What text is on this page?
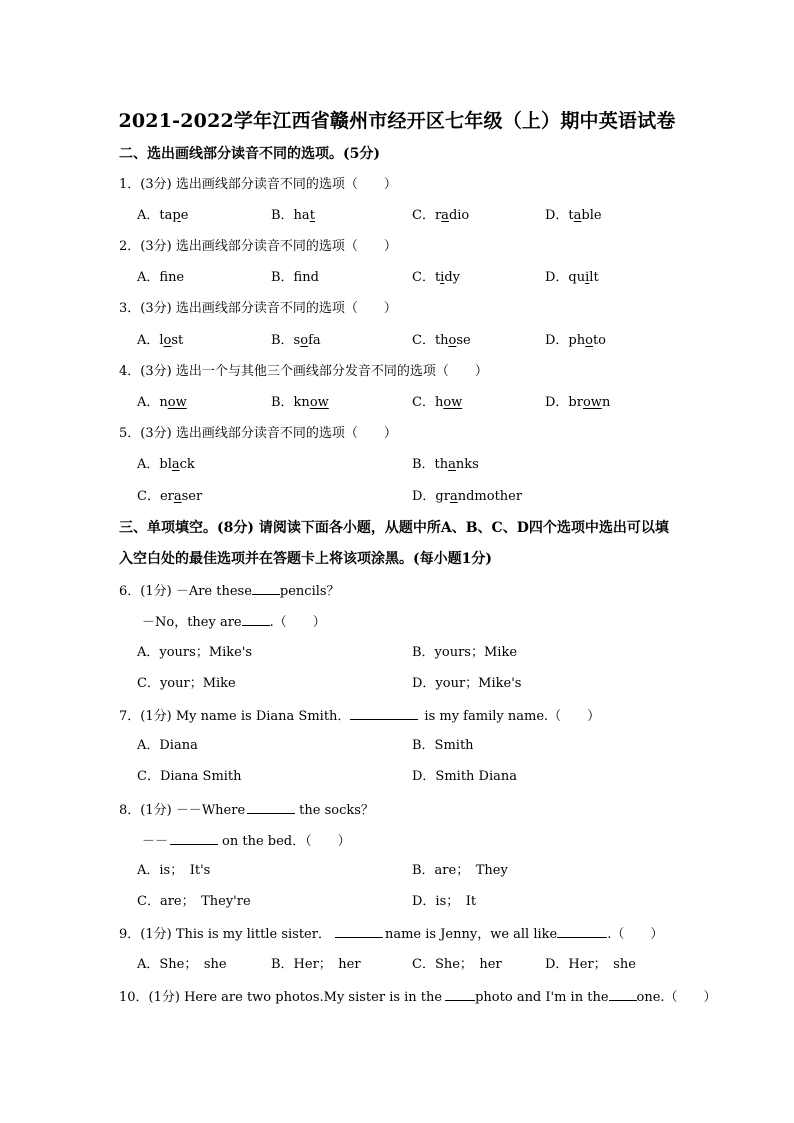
2021-2022学年江西省赣州市经开区七年级（上）期中英语试卷
二、选出画线部分读音不同的选项。(5分)
1．(3分) 选出画线部分读音不同的选项（　　）
A．tape	B．hat	C．radio	D．table
2．(3分) 选出画线部分读音不同的选项（　　）
A．fne	B．fnd	C．tidy	D．quilt
3．(3分) 选出画线部分读音不同的选项（　　）
A．lost	B．sofa	C．those	D．photo
4．(3分) 选出一个与其他三个画线部分发音不同的选项（　　）
A．now	B．know	C．how	D．brown
5．(3分) 选出画线部分读音不同的选项（　　）
A．black	B．thanks
C．eraser	D．grandmother
三、单项填空。(8分) 请阅读下面各小题，从题中所A、B、C、D四个选项中选出可以填
入空白处的最佳选项并在答题卡上将该项涂黑。(每小题1分)
6．(1分) －Are these pencils？
－No，they are .（　　）
A．yours；Mike's	B．yours；Mike
C．your；Mike	D．your；Mike's
7．(1分) My name is Diana Smith．	is my family name.（　　）
A．Diana	B．Smith
C．Diana Smith	D．Smith Diana
8．(1分) －－Where	the socks？
－－	on the bed．（　　）
A．is；　It's	B．are；　They
C．are；　They're	D．is；　It
9．(1分) This is my little sister．	name is Jenny，we all like	.（　　）
A．She；　she	B．Her；　her	C．She；　her	D．Her；　she
10．(1分) Here are two photos.My sister is in the	photo and I'm in the one.（　　）
